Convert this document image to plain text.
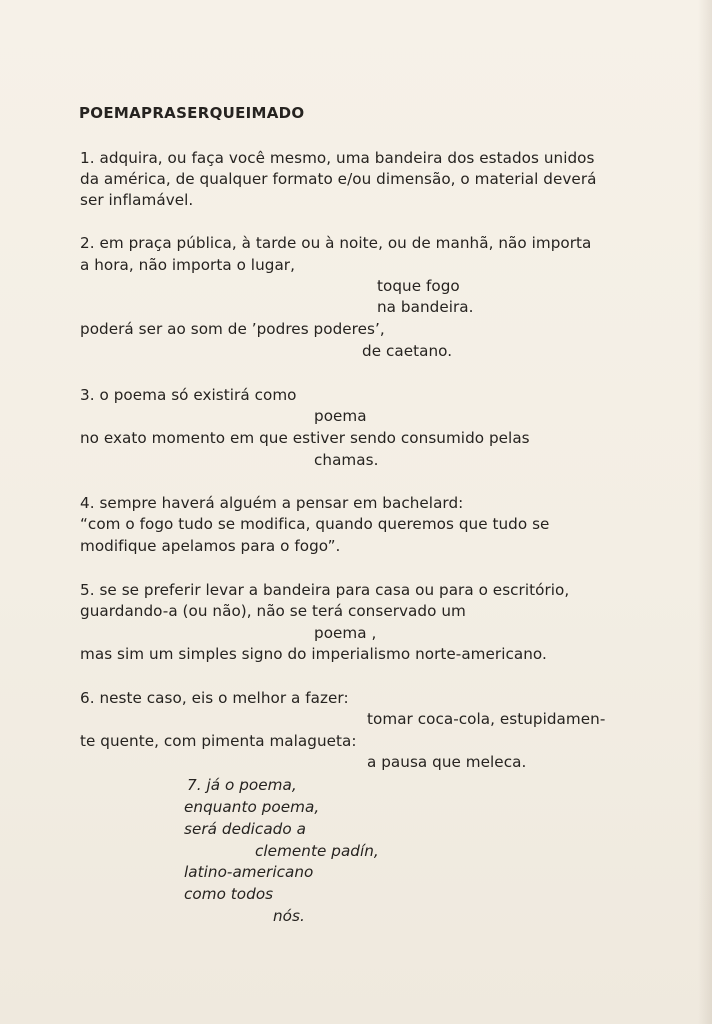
POEMAPRASERQUEIMADO

1. adquira, ou faça você mesmo, uma bandeira dos estados unidos

da américa, de qualquer formato e/ou dimensão, o material deverá

ser inflamável.

2. em praça pública, à tarde ou à noite, ou de manhã, não importa

a hora, não importa o lugar,

toque fogo

na bandeira.

poderá ser ao som de ’podres poderes’,

de caetano.

3. o poema só existirá como

poema

no exato momento em que estiver sendo consumido pelas

chamas.

4. sempre haverá alguém a pensar em bachelard:

“com o fogo tudo se modifica, quando queremos que tudo se

modifique apelamos para o fogo”.

5. se se preferir levar a bandeira para casa ou para o escritório,

guardando-a (ou não), não se terá conservado um

poema ,

mas sim um simples signo do imperialismo norte-americano.

6. neste caso, eis o melhor a fazer:

tomar coca-cola, estupidamen-

te quente, com pimenta malagueta:

a pausa que meleca.

7. já o poema,

enquanto poema,

será dedicado a

clemente padín,

latino-americano

como todos

nós.
